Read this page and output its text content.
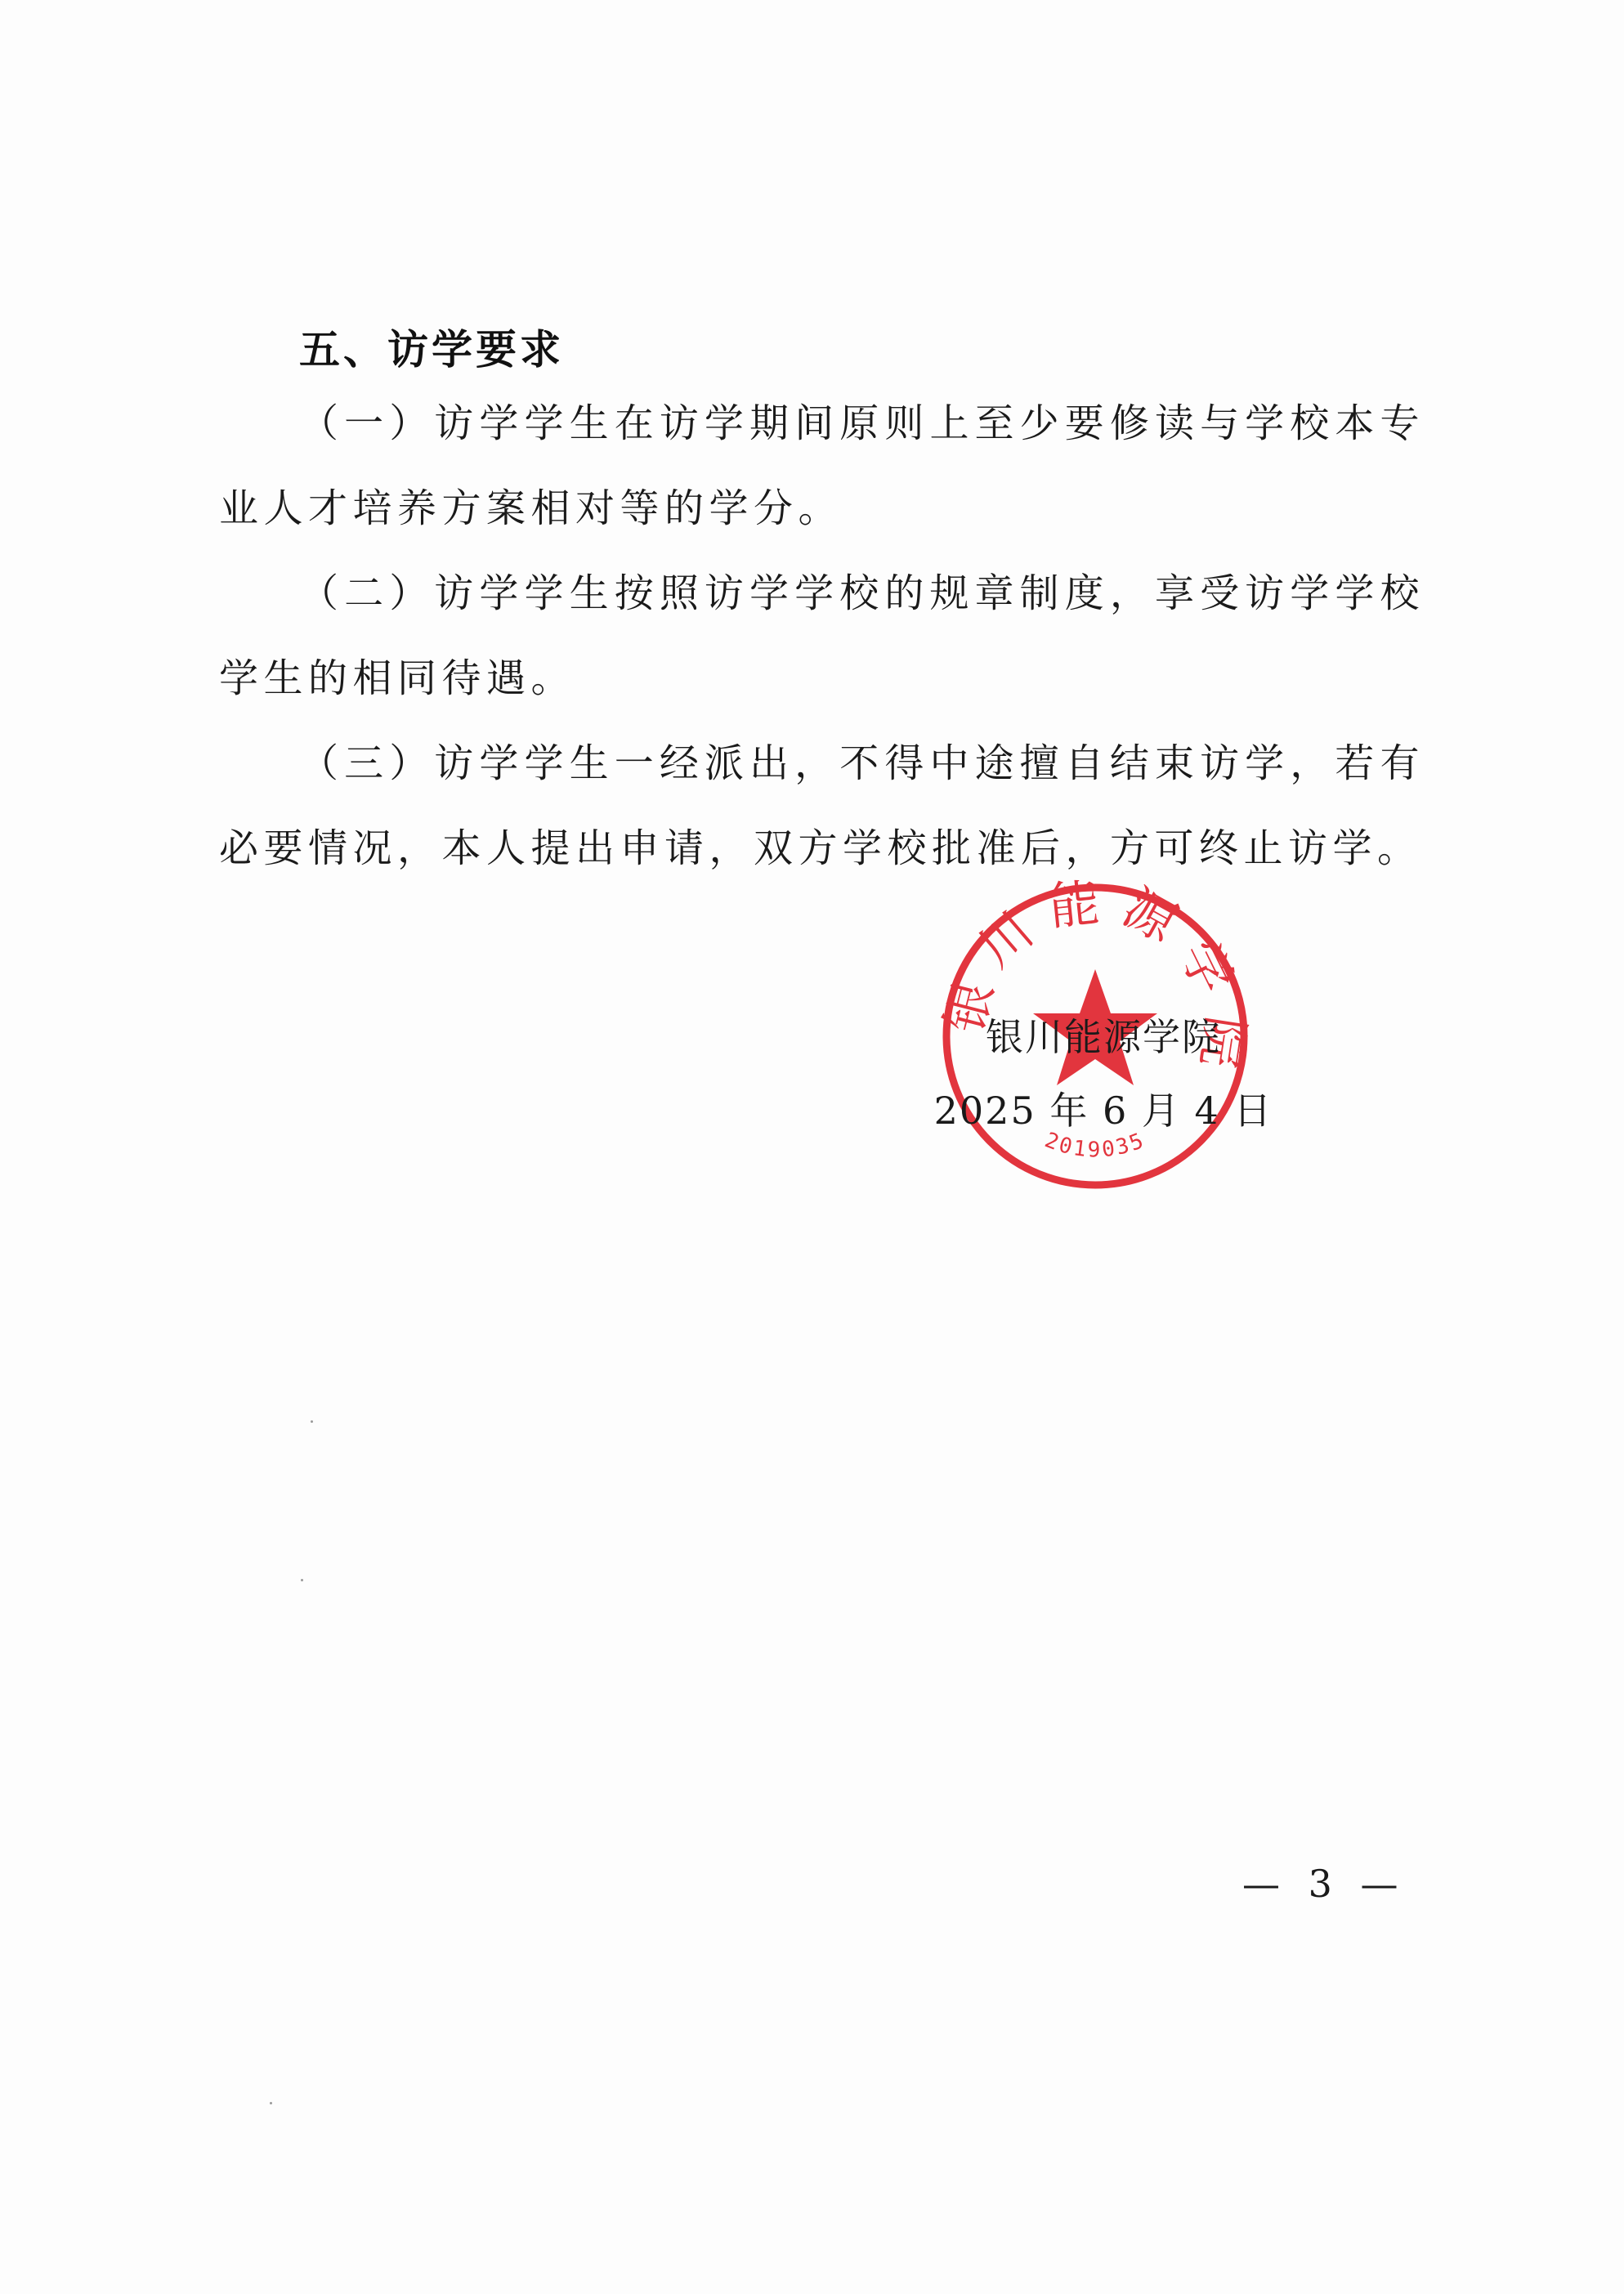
五、访学要求

（一）访学学生在访学期间原则上至少要修读与学校本专业人才培养方案相对等的学分。

（二）访学学生按照访学学校的规章制度，享受访学学校学生的相同待遇。

（三）访学学生一经派出，不得中途擅自结束访学，若有必要情况，本人提出申请，双方学校批准后，方可终止访学。

银川能源学院
2019035
银川能源学院
2025 年 6 月 4 日
— 3 —
